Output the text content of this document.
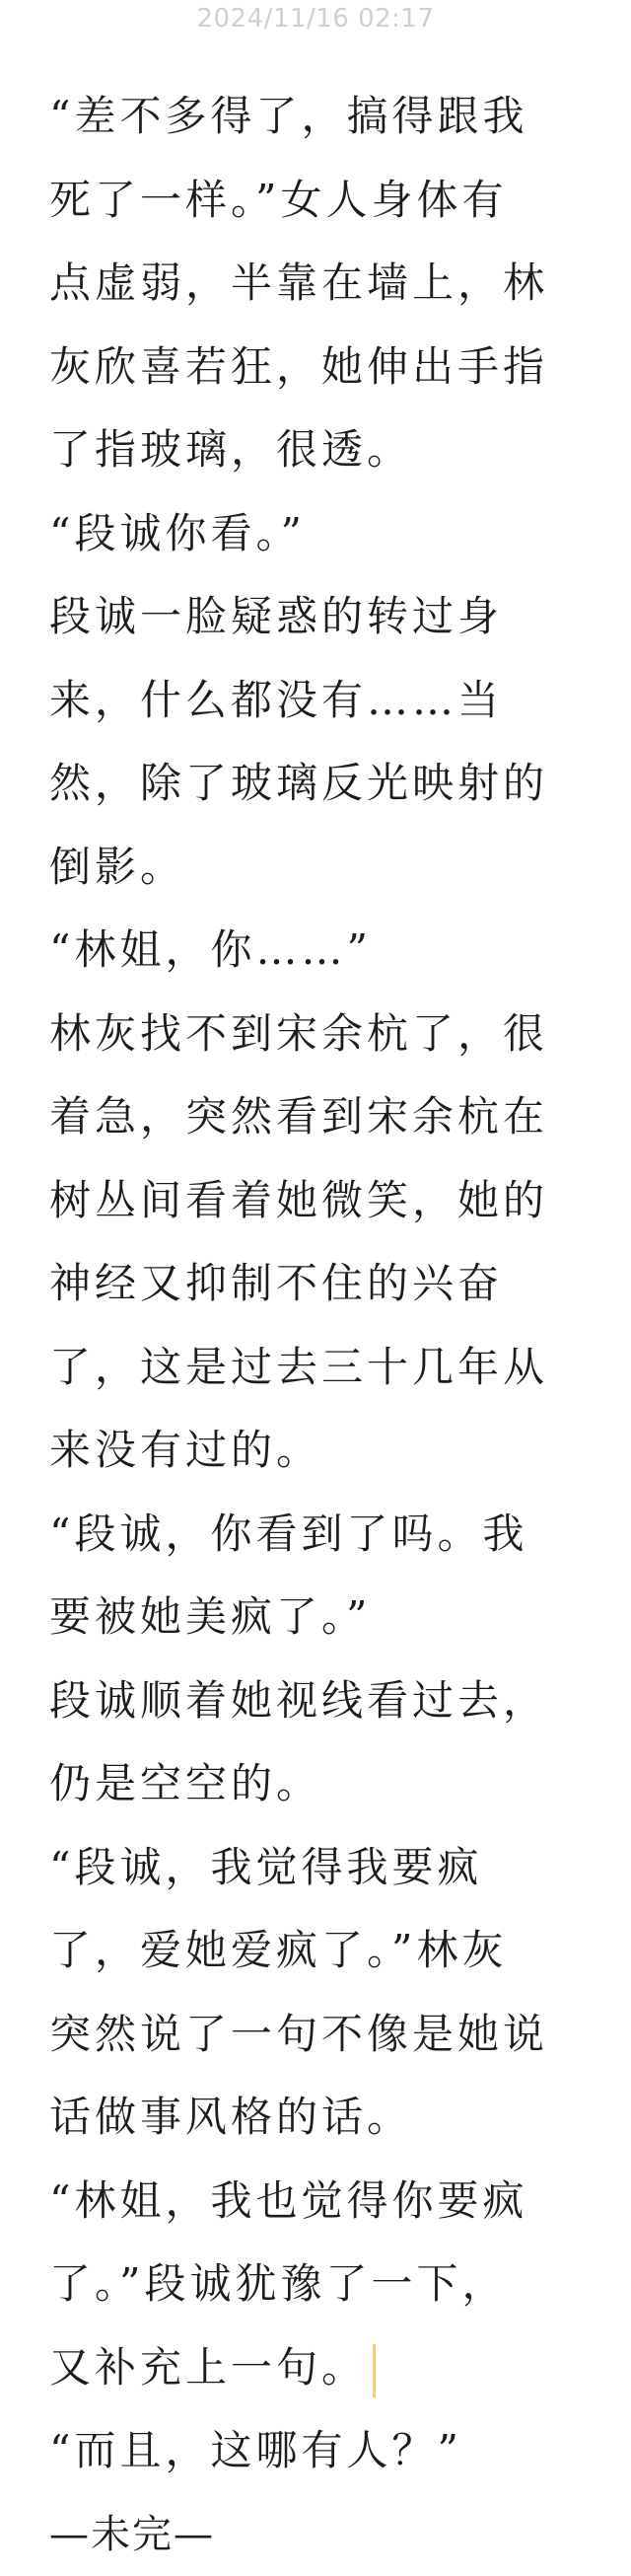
2024/11/16 02:17
“差不多得了，搞得跟我
死了一样。”女人身体有
点虚弱，半靠在墙上，林
灰欣喜若狂，她伸出手指
了指玻璃，很透。
“段诚你看。”
段诚一脸疑惑的转过身
来，什么都没有……当
然，除了玻璃反光映射的
倒影。
“林姐，你……”
林灰找不到宋余杭了，很
着急，突然看到宋余杭在
树丛间看着她微笑，她的
神经又抑制不住的兴奋
了，这是过去三十几年从
来没有过的。
“段诚，你看到了吗。我
要被她美疯了。”
段诚顺着她视线看过去，
仍是空空的。
“段诚，我觉得我要疯
了，爱她爱疯了。”林灰
突然说了一句不像是她说
话做事风格的话。
“林姐，我也觉得你要疯
了。”段诚犹豫了一下，
又补充上一句。
“而且，这哪有人？”
—未完—
